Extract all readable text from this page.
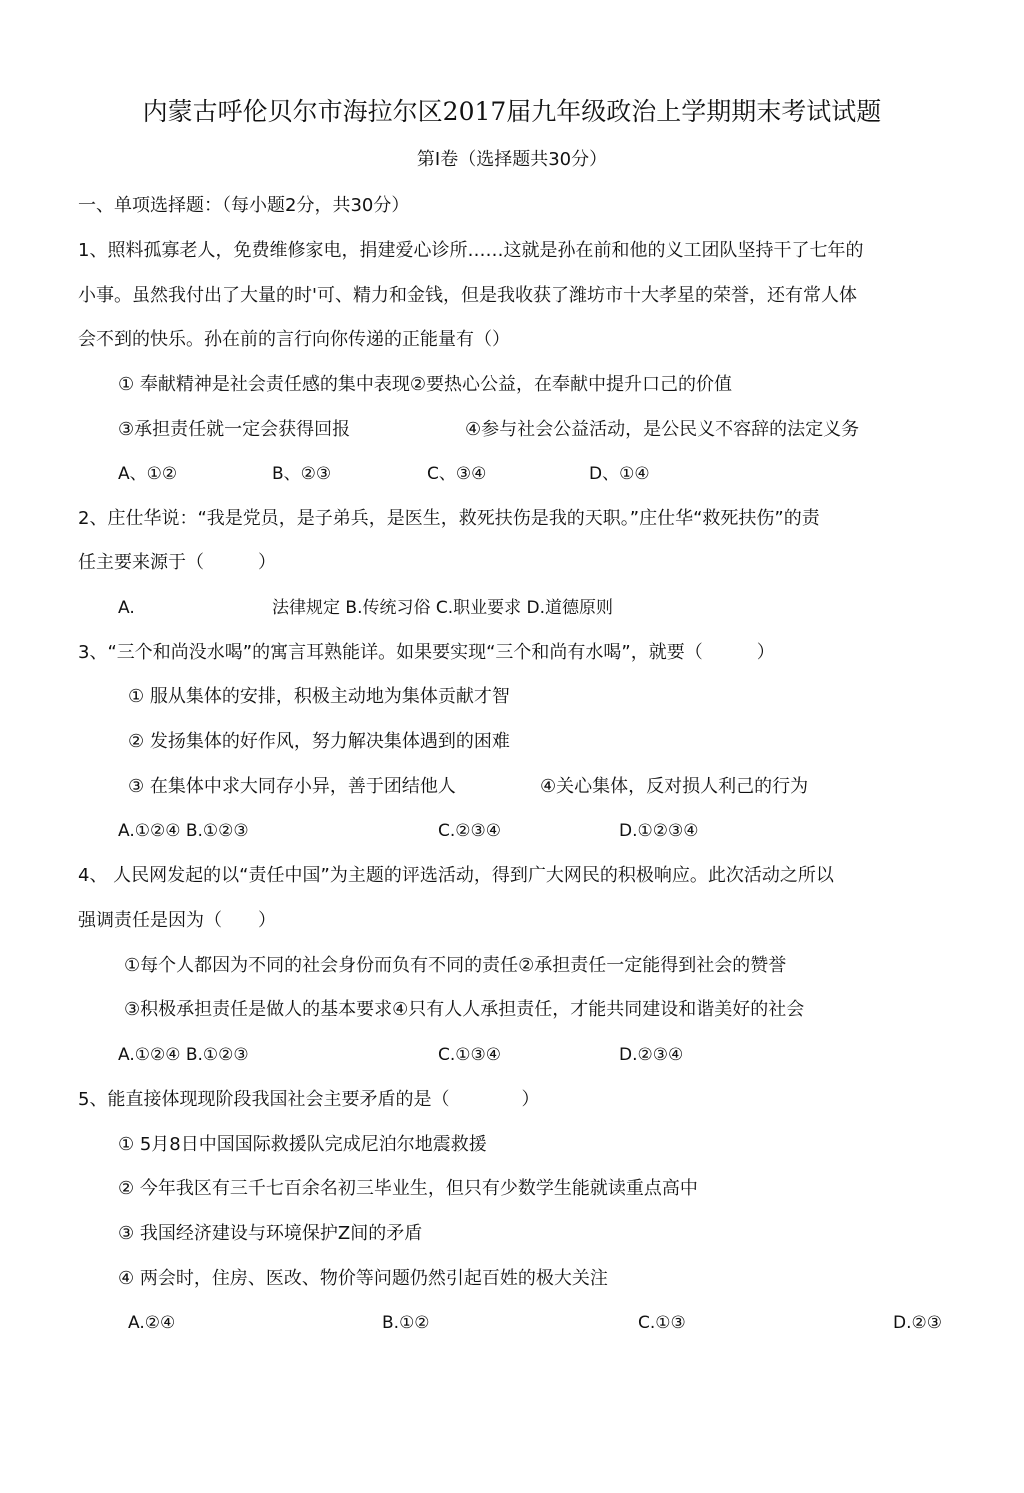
内蒙古呼伦贝尔市海拉尔区2017届九年级政治上学期期末考试试题
第Ⅰ卷（选择题共30分）
一、单项选择题：（每小题2分，共30分）
1、照料孤寡老人，免费维修家电，捐建爱心诊所……这就是孙在前和他的义工团队坚持干了七年的
小事。虽然我付出了大量的时'可、精力和金钱，但是我收获了潍坊市十大孝星的荣誉，还有常人体
会不到的快乐。孙在前的言行向你传递的正能量有（）
① 奉献精神是社会责任感的集中表现②要热心公益，在奉献中提升口己的价值
③承担责任就一定会获得回报	④参与社会公益活动，是公民义不容辞的法定义务
A、①②	B、②③	C、③④	D、①④
2、庄仕华说：“我是党员，是子弟兵，是医生，救死扶伤是我的天职。”庄仕华“救死扶伤”的责
任主要来源于（　　　）
A.	法律规定 B.传统习俗 C.职业要求 D.道德原则
3、“三个和尚没水喝”的寓言耳熟能详。如果要实现“三个和尚有水喝”，就要（　　　）
① 服从集体的安排，积极主动地为集体贡献才智
② 发扬集体的好作风，努力解决集体遇到的困难
③ 在集体中求大同存小异，善于团结他人	④关心集体，反对损人利己的行为
A.①②④ B.①②③	C.②③④	D.①②③④
4、 人民网发起的以“责任中国”为主题的评选活动，得到广大网民的积极响应。此次活动之所以
强调责任是因为（　　）
①每个人都因为不同的社会身份而负有不同的责任②承担责任一定能得到社会的赞誉
③积极承担责任是做人的基本要求④只有人人承担责任，才能共同建设和谐美好的社会
A.①②④ B.①②③	C.①③④	D.②③④
5、能直接体现现阶段我国社会主要矛盾的是（　　　　）
① 5月8日中国国际救援队完成尼泊尔地震救援
② 今年我区有三千七百余名初三毕业生，但只有少数学生能就读重点高中
③ 我国经济建设与环境保护Z间的矛盾
④ 两会时，住房、医改、物价等问题仍然引起百姓的极大关注
A.②④	B.①②	C.①③	D.②③
